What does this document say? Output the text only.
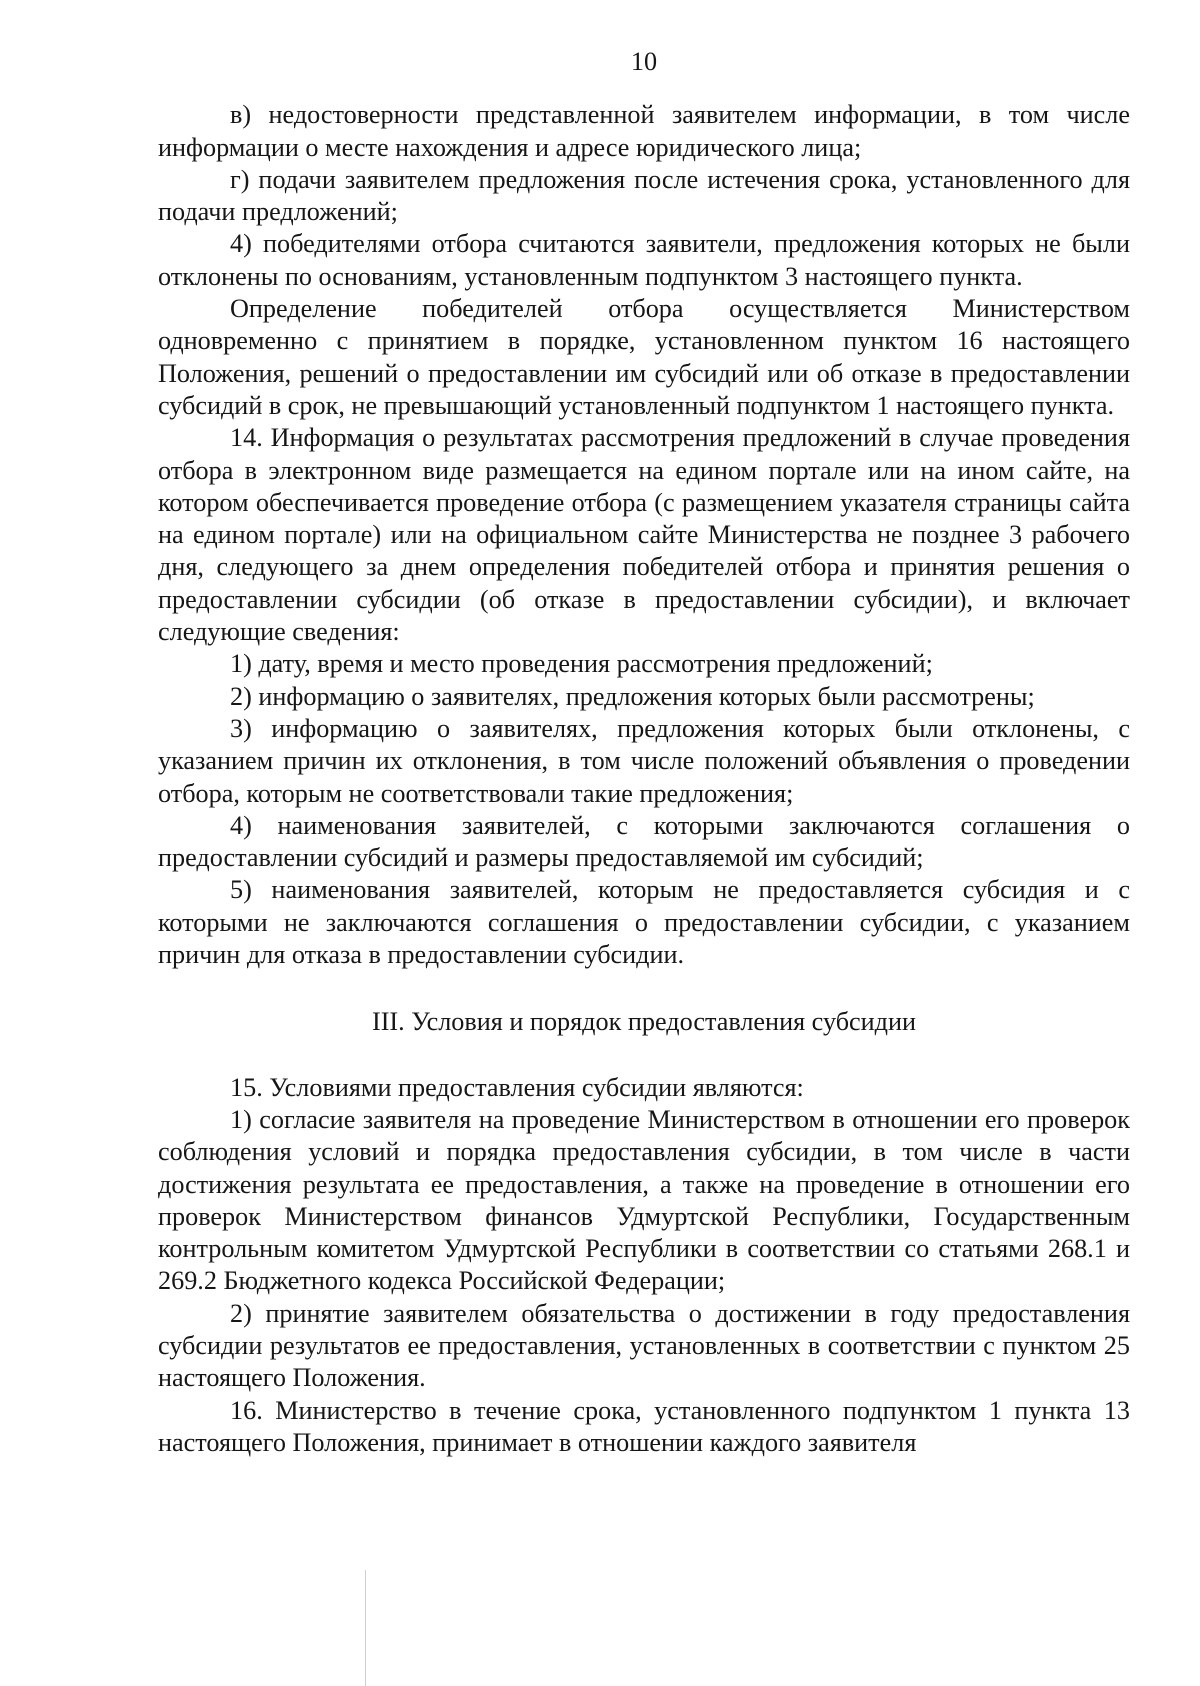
10

в) недостоверности представленной заявителем информации, в том числе информации о месте нахождения и адресе юридического лица;

г) подачи заявителем предложения после истечения срока, установленного для подачи предложений;

4) победителями отбора считаются заявители, предложения которых не были отклонены по основаниям, установленным подпунктом 3 настоящего пункта.

Определение победителей отбора осуществляется Министерством одновременно с принятием в порядке, установленном пунктом 16 настоящего Положения, решений о предоставлении им субсидий или об отказе в предоставлении субсидий в срок, не превышающий установленный подпунктом 1 настоящего пункта.

14. Информация о результатах рассмотрения предложений в случае проведения отбора в электронном виде размещается на едином портале или на ином сайте, на котором обеспечивается проведение отбора (с размещением указателя страницы сайта на едином портале) или на официальном сайте Министерства не позднее 3 рабочего дня, следующего за днем определения победителей отбора и принятия решения о предоставлении субсидии (об отказе в предоставлении субсидии), и включает следующие сведения:

1) дату, время и место проведения рассмотрения предложений;

2) информацию о заявителях, предложения которых были рассмотрены;

3) информацию о заявителях, предложения которых были отклонены, с указанием причин их отклонения, в том числе положений объявления о проведении отбора, которым не соответствовали такие предложения;

4) наименования заявителей, с которыми заключаются соглашения о предоставлении субсидий и размеры предоставляемой им субсидий;

5) наименования заявителей, которым не предоставляется субсидия и с которыми не заключаются соглашения о предоставлении субсидии, с указанием причин для отказа в предоставлении субсидии.

III. Условия и порядок предоставления субсидии

15. Условиями предоставления субсидии являются:

1) согласие заявителя на проведение Министерством в отношении его проверок соблюдения условий и порядка предоставления субсидии, в том числе в части достижения результата ее предоставления, а также на проведение в отношении его проверок Министерством финансов Удмуртской Республики, Государственным контрольным комитетом Удмуртской Республики в соответствии со статьями 268.1 и 269.2 Бюджетного кодекса Российской Федерации;

2) принятие заявителем обязательства о достижении в году предоставления субсидии результатов ее предоставления, установленных в соответствии с пунктом 25 настоящего Положения.

16. Министерство в течение срока, установленного подпунктом 1 пункта 13 настоящего Положения, принимает в отношении каждого заявителя
